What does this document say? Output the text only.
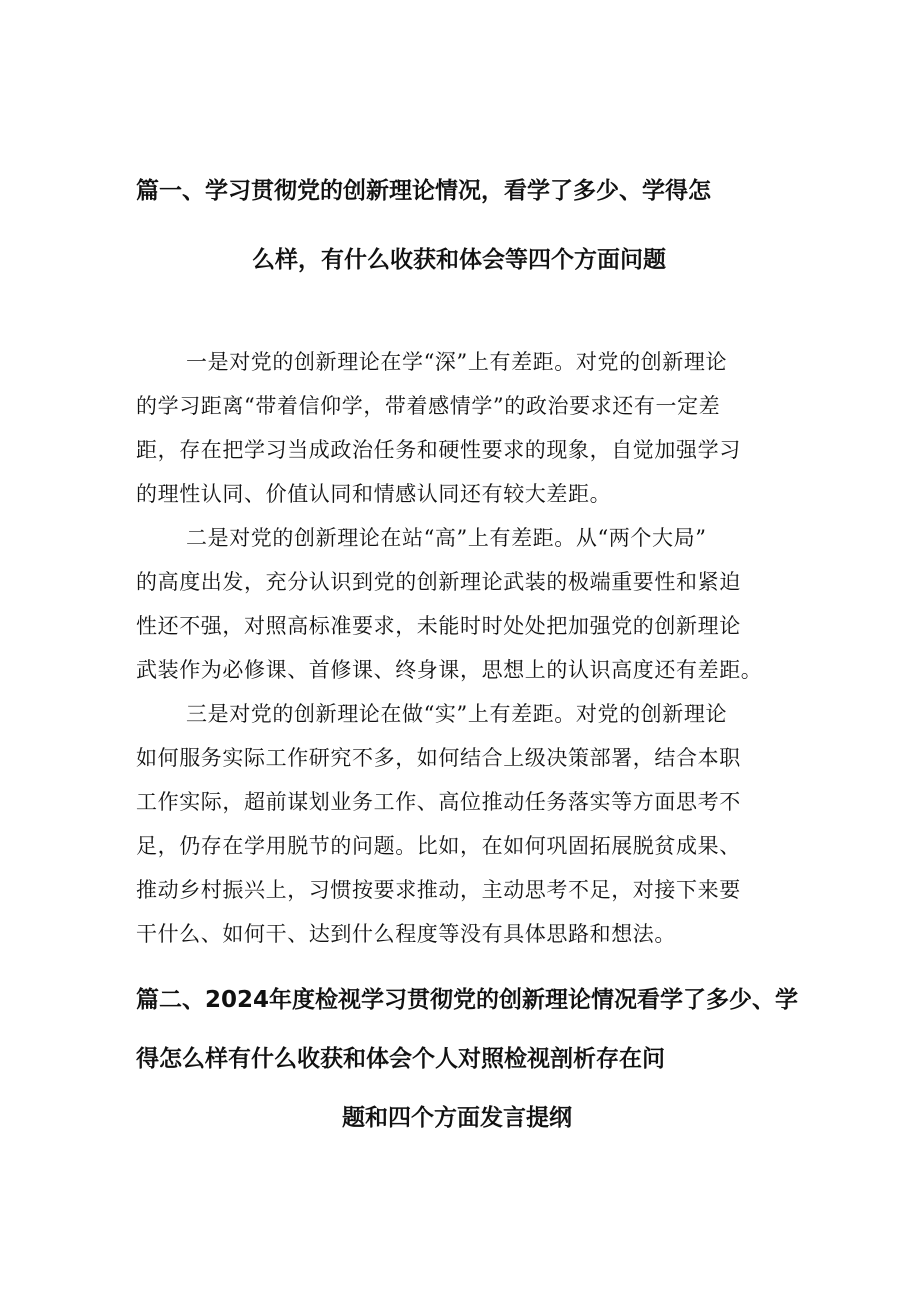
篇一、学习贯彻党的创新理论情况，看学了多少、学得怎
么样，有什么收获和体会等四个方面问题
一是对党的创新理论在学“深”上有差距。对党的创新理论
的学习距离“带着信仰学，带着感情学”的政治要求还有一定差
距，存在把学习当成政治任务和硬性要求的现象，自觉加强学习
的理性认同、价值认同和情感认同还有较大差距。
二是对党的创新理论在站“高”上有差距。从“两个大局”
的高度出发，充分认识到党的创新理论武装的极端重要性和紧迫
性还不强，对照高标准要求，未能时时处处把加强党的创新理论
武装作为必修课、首修课、终身课，思想上的认识高度还有差距。
三是对党的创新理论在做“实”上有差距。对党的创新理论
如何服务实际工作研究不多，如何结合上级决策部署，结合本职
工作实际，超前谋划业务工作、高位推动任务落实等方面思考不
足，仍存在学用脱节的问题。比如，在如何巩固拓展脱贫成果、
推动乡村振兴上，习惯按要求推动，主动思考不足，对接下来要
干什么、如何干、达到什么程度等没有具体思路和想法。
篇二、2024年度检视学习贯彻党的创新理论情况看学了多少、学
得怎么样有什么收获和体会个人对照检视剖析存在问
题和四个方面发言提纲
